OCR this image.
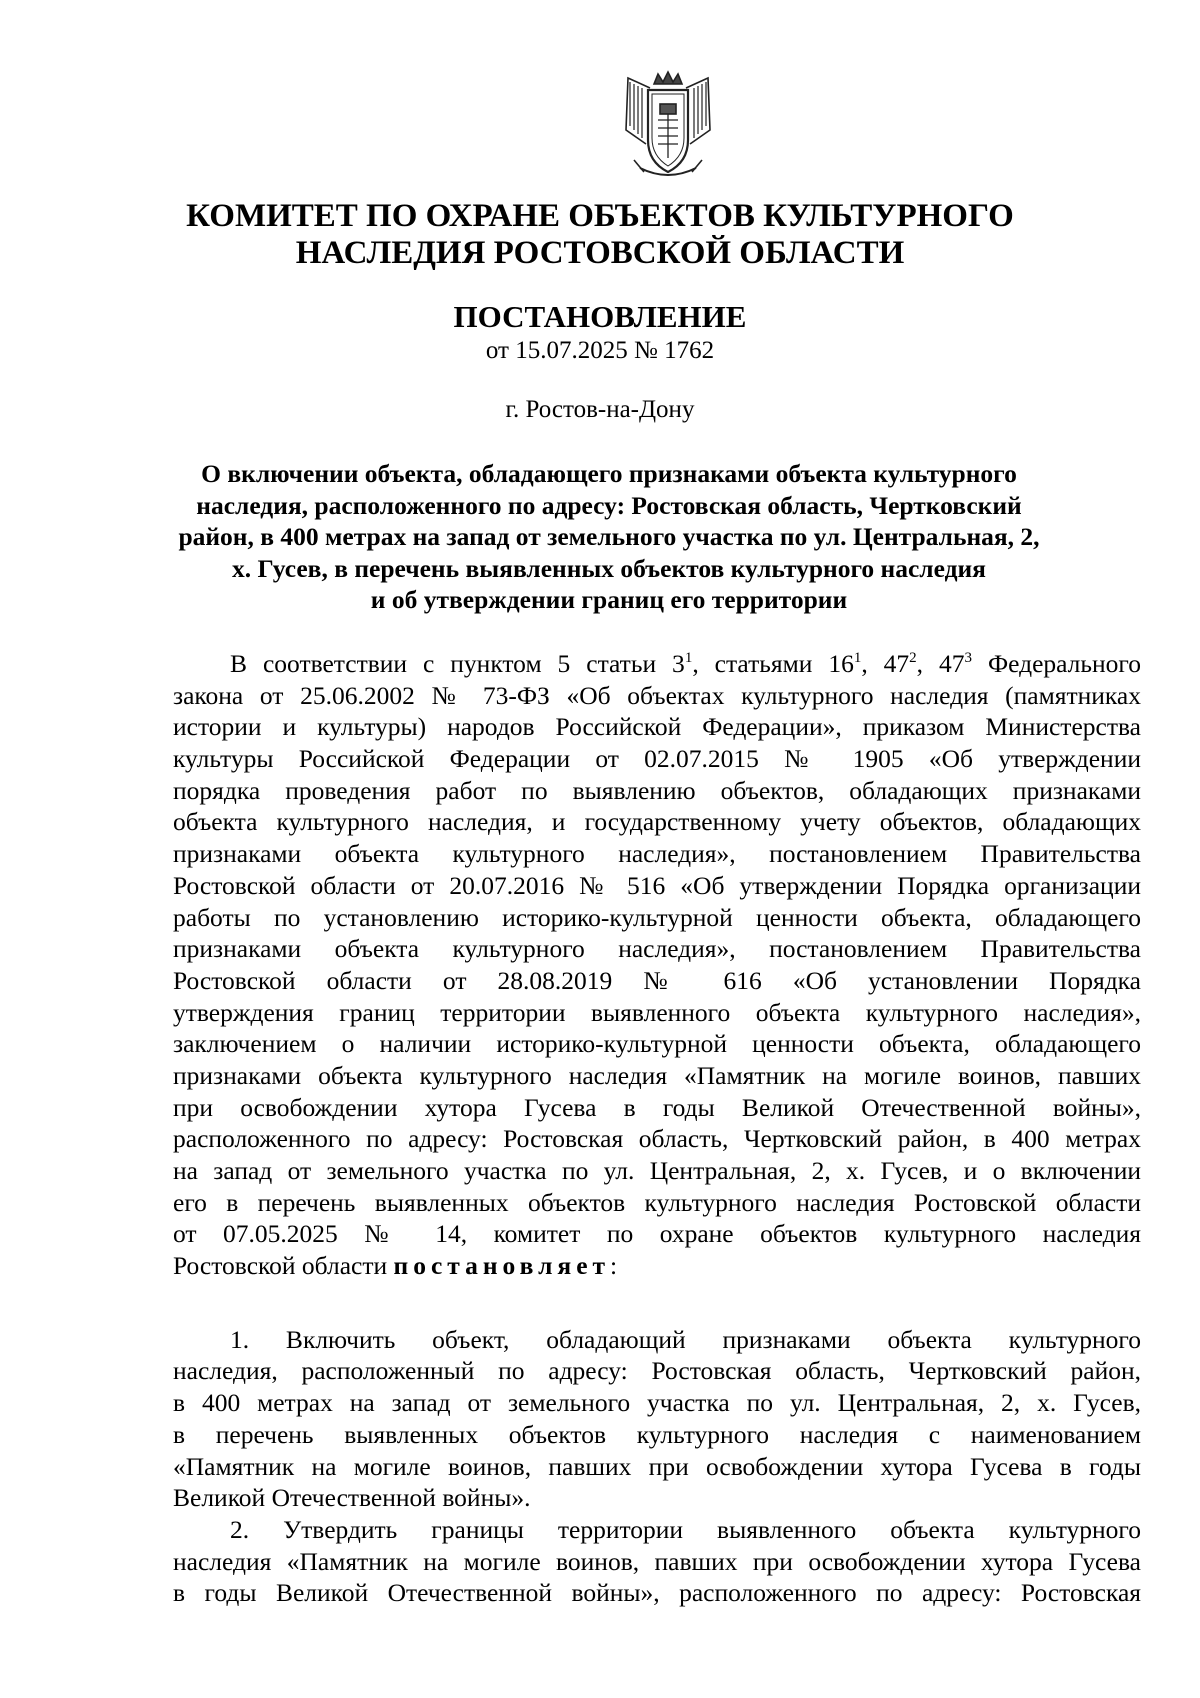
КОМИТЕТ ПО ОХРАНЕ ОБЪЕКТОВ КУЛЬТУРНОГО
НАСЛЕДИЯ РОСТОВСКОЙ ОБЛАСТИ
ПОСТАНОВЛЕНИЕ
от 15.07.2025 № 1762
г. Ростов-на-Дону
О включении объекта, обладающего признаками объекта культурного
наследия, расположенного по адресу: Ростовская область, Чертковский
район, в 400 метрах на запад от земельного участка по ул. Центральная, 2,
х. Гусев, в перечень выявленных объектов культурного наследия
и об утверждении границ его территории
В соответствии с пунктом 5 статьи $3^1$, статьями $16^1$, $47^2$, $47^3$ Федерального
закона от 25.06.2002 № 73-ФЗ «Об объектах культурного наследия (памятниках
истории и культуры) народов Российской Федерации», приказом Министерства
культуры Российской Федерации от 02.07.2015 № 1905 «Об утверждении
порядка проведения работ по выявлению объектов, обладающих признаками
объекта культурного наследия, и государственному учету объектов, обладающих
признаками объекта культурного наследия», постановлением Правительства
Ростовской области от 20.07.2016 № 516 «Об утверждении Порядка организации
работы по установлению историко-культурной ценности объекта, обладающего
признаками объекта культурного наследия», постановлением Правительства
Ростовской области от 28.08.2019 № 616 «Об установлении Порядка
утверждения границ территории выявленного объекта культурного наследия»,
заключением о наличии историко-культурной ценности объекта, обладающего
признаками объекта культурного наследия «Памятник на могиле воинов, павших
при освобождении хутора Гусева в годы Великой Отечественной войны»,
расположенного по адресу: Ростовская область, Чертковский район, в 400 метрах
на запад от земельного участка по ул. Центральная, 2, х. Гусев, и о включении
его в перечень выявленных объектов культурного наследия Ростовской области
от 07.05.2025 № 14, комитет по охране объектов культурного наследия
Ростовской области постановляет:
1. Включить объект, обладающий признаками объекта культурного
наследия, расположенный по адресу: Ростовская область, Чертковский район,
в 400 метрах на запад от земельного участка по ул. Центральная, 2, х. Гусев,
в перечень выявленных объектов культурного наследия с наименованием
«Памятник на могиле воинов, павших при освобождении хутора Гусева в годы
Великой Отечественной войны».
2. Утвердить границы территории выявленного объекта культурного
наследия «Памятник на могиле воинов, павших при освобождении хутора Гусева
в годы Великой Отечественной войны», расположенного по адресу: Ростовская
